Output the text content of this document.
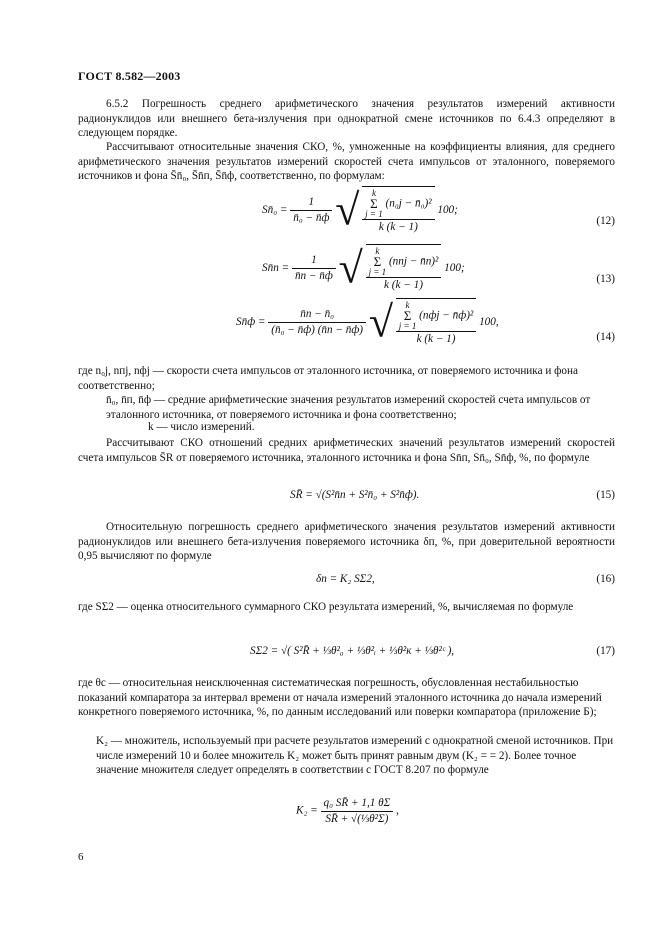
ГОСТ 8.582—2003
6.5.2 Погрешность среднего арифметического значения результатов измерений активности радионуклидов или внешнего бета-излучения при однократной смене источников по 6.4.3 определяют в следующем порядке.
Рассчитывают относительные значения СКО, %, умноженные на коэффициенты влияния, для среднего арифметического значения результатов измерений скоростей счета импульсов от эталонного, поверяемого источников и фона S̄n̄₀, S̄n̄п, S̄n̄ф, соответственно, по формулам:
Sn̄₀ = $\frac{1}{\text{n̄₀ − n̄ф}}$ √	k
Σ
j = 1 (n₀j − n̄₀)²
k (k − 1)
100;
(12)
Sn̄п = $\frac{1}{n̄п - n̄ф}$ √	k
Σ
j = 1 (nпj − n̄п)²
k (k − 1)
100;
(13)
Sn̄ф = $\frac{\text{n̄п − n̄₀}}{\text{(n̄₀ − n̄ф) (n̄п − n̄ф)}}$ √	k
Σ
j = 1 (nфj − n̄ф)²
k (k − 1)
100,
(14)
где n₀j, nпj, nфj — скорости счета импульсов от эталонного источника, от поверяемого источника и фона соответственно;
n̄₀, n̄п, n̄ф — средние арифметические значения результатов измерений скоростей счета импульсов от эталонного источника, от поверяемого источника и фона соответственно;
k — число измерений.
Рассчитывают СКО отношений средних арифметических значений результатов измерений скоростей счета импульсов S̄R от поверяемого источника, эталонного источника и фона Sn̄п, Sn̄₀, Sn̄ф, %, по формуле
SR̄ = √(S²n̄п + S²n̄₀ + S²n̄ф).	(15)
Относительную погрешность среднего арифметического значения результатов измерений активности радионуклидов или внешнего бета-излучения поверяемого источника δп, %, при доверительной вероятности 0,95 вычисляют по формуле
δп = K₂ SΣ2,	(16)
где SΣ2 — оценка относительного суммарного СКО результата измерений, %, вычисляемая по формуле
SΣ2 = √( S²R̄ + ⅓θ²₀ + ⅓θ²ᵢ + ⅓θ²к + ⅓θ²ᶜ ),	(17)
где θс — относительная неисключенная систематическая погрешность, обусловленная нестабильностью показаний компаратора за интервал времени от начала измерений эталонного источника до начала измерений конкретного поверяемого источника, %, по данным исследований или поверки компаратора (приложение Б);
K₂ — множитель, используемый при расчете результатов измерений с однократной сменой источников. При числе измерений 10 и более множитель K₂ может быть принят равным двум (K₂ = = 2). Более точное значение множителя следует определять в соответствии с ГОСТ 8.207 по формуле
$K_2 = \frac{\text{q₀ SR̄ + 1,1 θΣ}}{\text{SR̄ + √(⅓θ²Σ)}}$ ,
6
